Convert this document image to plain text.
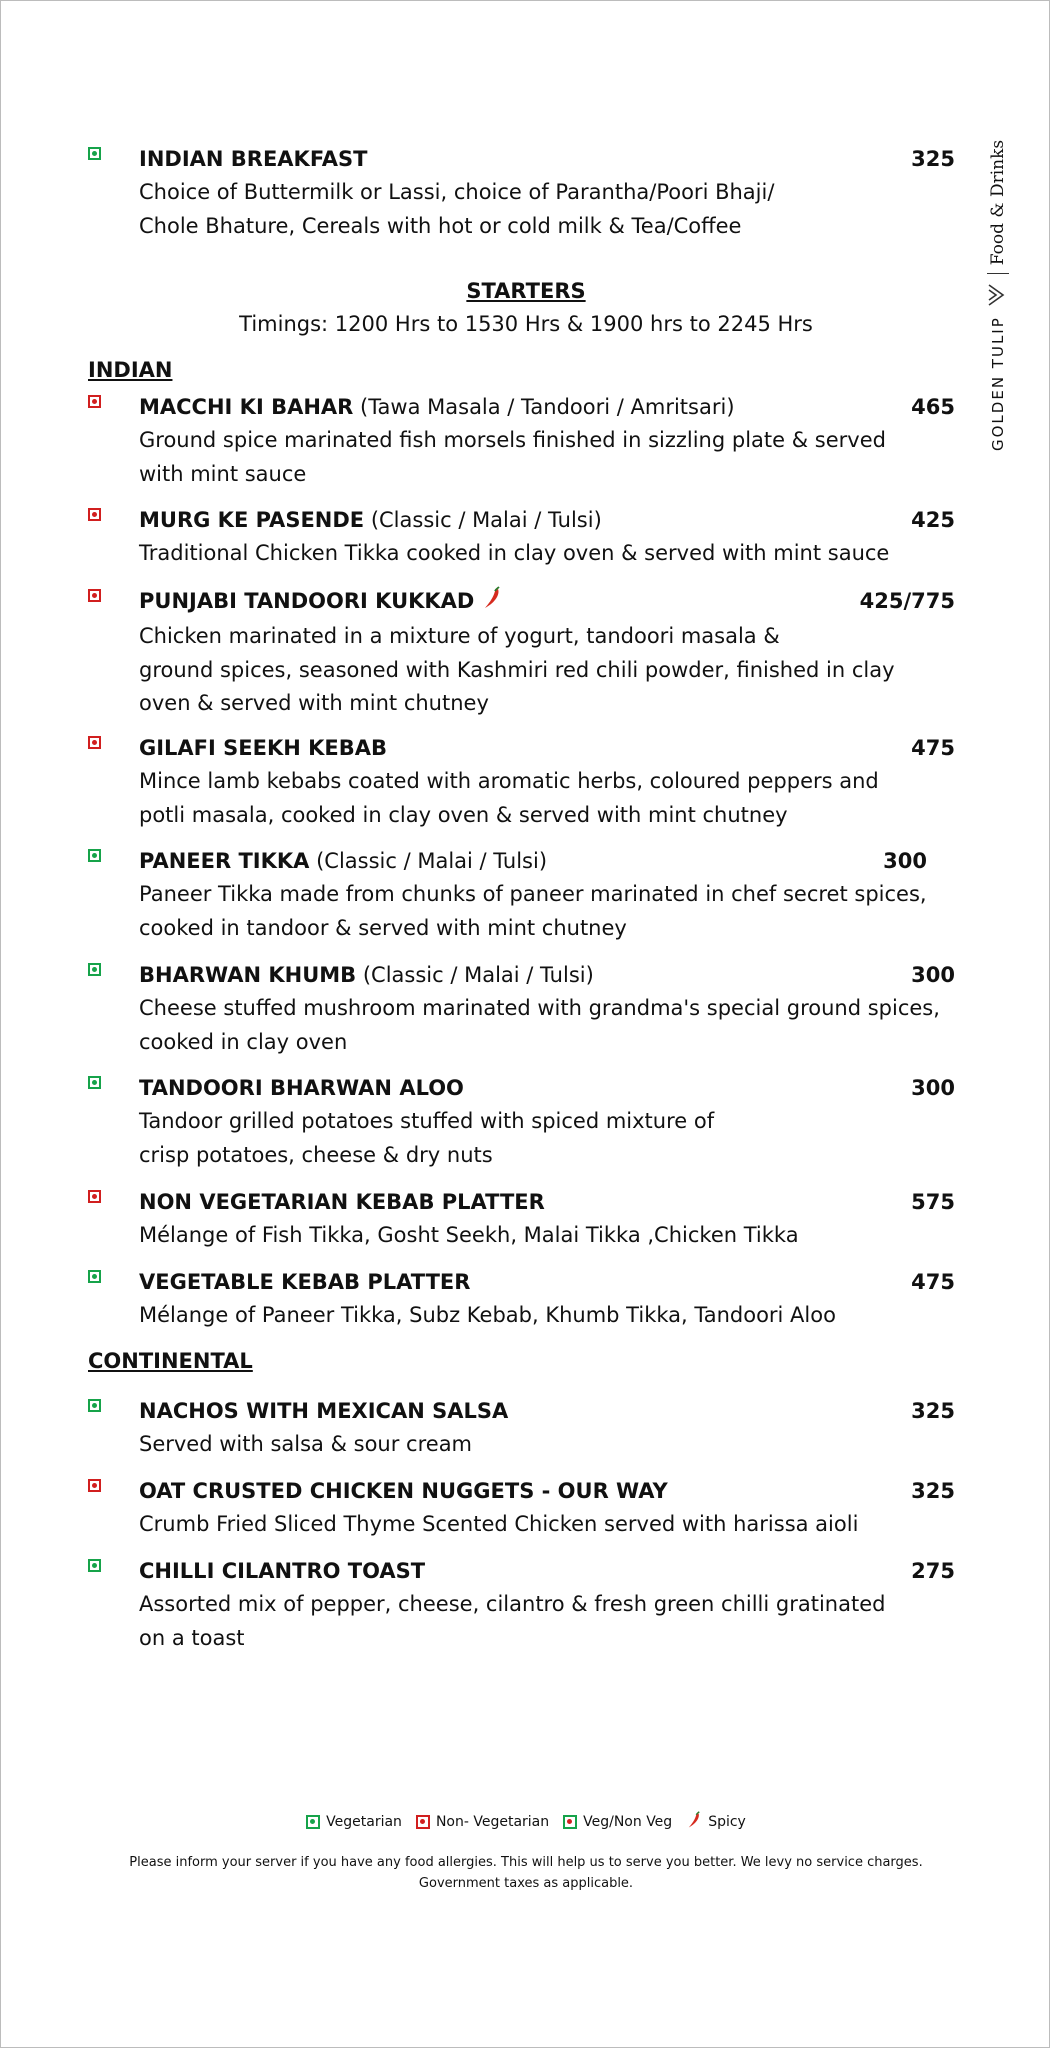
GOLDEN TULIP
Food & Drinks
INDIAN BREAKFAST	325
Choice of Buttermilk or Lassi, choice of Parantha/Poori Bhaji/
Chole Bhature, Cereals with hot or cold milk & Tea/Coffee
STARTERS
Timings: 1200 Hrs to 1530 Hrs & 1900 hrs to 2245 Hrs
INDIAN
MACCHI KI BAHAR (Tawa Masala / Tandoori / Amritsari)	465
Ground spice marinated fish morsels finished in sizzling plate & served
with mint sauce
MURG KE PASENDE (Classic / Malai / Tulsi)	425
Traditional Chicken Tikka cooked in clay oven & served with mint sauce
PUNJABI TANDOORI KUKKAD	425/775
Chicken marinated in a mixture of yogurt, tandoori masala &
ground spices, seasoned with Kashmiri red chili powder, finished in clay
oven & served with mint chutney
GILAFI SEEKH KEBAB	475
Mince lamb kebabs coated with aromatic herbs, coloured peppers and
potli masala, cooked in clay oven & served with mint chutney
PANEER TIKKA (Classic / Malai / Tulsi)	300
Paneer Tikka made from chunks of paneer marinated in chef secret spices,
cooked in tandoor & served with mint chutney
BHARWAN KHUMB (Classic / Malai / Tulsi)	300
Cheese stuffed mushroom marinated with grandma's special ground spices,
cooked in clay oven
TANDOORI BHARWAN ALOO	300
Tandoor grilled potatoes stuffed with spiced mixture of
crisp potatoes, cheese & dry nuts
NON VEGETARIAN KEBAB PLATTER	575
Mélange of Fish Tikka, Gosht Seekh, Malai Tikka ,Chicken Tikka
VEGETABLE KEBAB PLATTER	475
Mélange of Paneer Tikka, Subz Kebab, Khumb Tikka, Tandoori Aloo
CONTINENTAL
NACHOS WITH MEXICAN SALSA	325
Served with salsa & sour cream
OAT CRUSTED CHICKEN NUGGETS - OUR WAY	325
Crumb Fried Sliced Thyme Scented Chicken served with harissa aioli
CHILLI CILANTRO TOAST	275
Assorted mix of pepper, cheese, cilantro & fresh green chilli gratinated
on a toast
Vegetarian Non- Vegetarian Veg/Non Veg	Spicy
Please inform your server if you have any food allergies. This will help us to serve you better. We levy no service charges.
Government taxes as applicable.
